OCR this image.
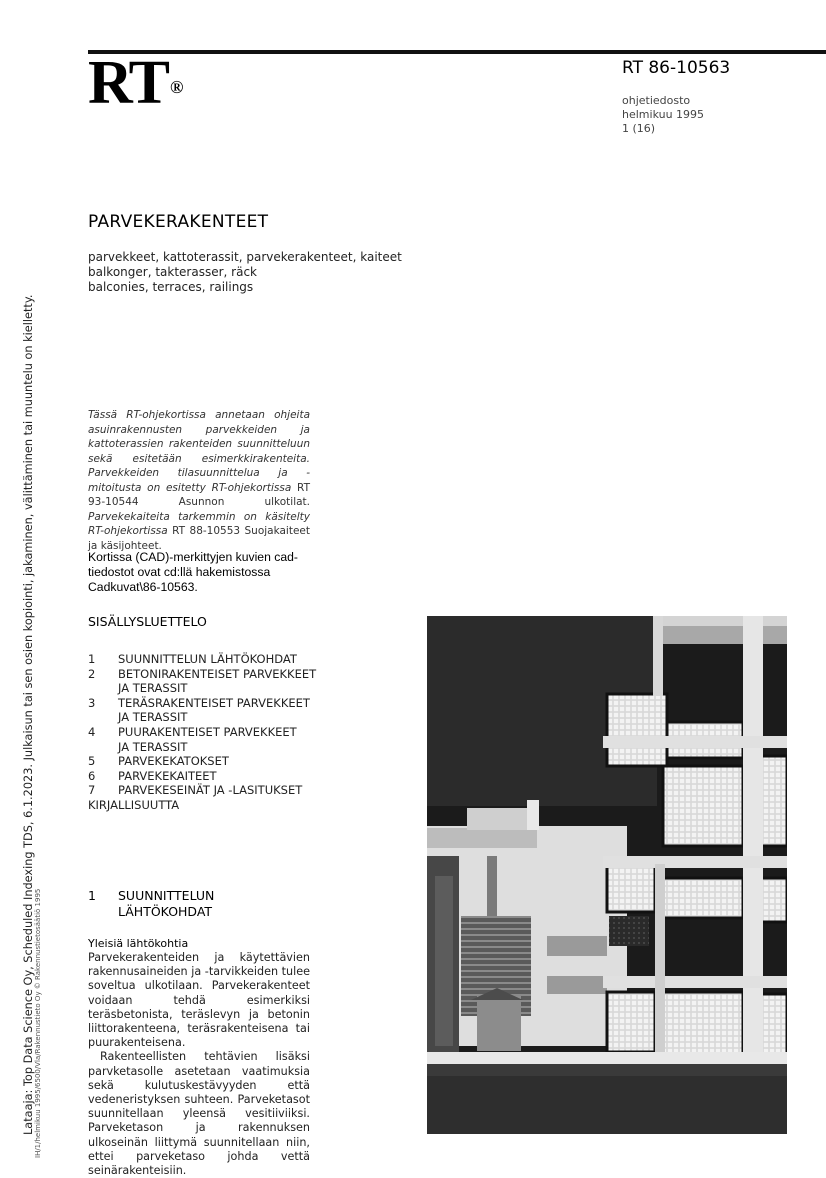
RT ®
RT 86-10563
ohjetiedosto
helmikuu 1995
1 (16)
Lataaja: Top Data Science Oy, Scheduled Indexing TDS, 6.1.2023. Julkaisun tai sen osien kopiointi, jakaminen, välittäminen tai muuntelu on kielletty. IH/1/helmikuu 1995/6500/Vla/Rakennustieto Oy © Rakennustietosäätiö 1995
PARVEKERAKENTEET
parvekkeet, kattoterassit, parvekerakenteet, kaiteet
balkonger, takterasser, räck
balconies, terraces, railings
Tässä RT-ohjekortissa annetaan ohjeita asuinrakennusten parvekkeiden ja kattoterassien rakenteiden suunnitteluun sekä esitetään esimerkkirakenteita. Parvekkeiden tilasuunnittelua ja -mitoitusta on esitetty RT-ohjekortissa RT 93-10544 Asunnon ulkotilat. Parvekekaiteita tarkemmin on käsitelty RT-ohjekortissa RT 88-10553 Suojakaiteet ja käsijohteet.
Kortissa (CAD)-merkittyjen kuvien cad-
tiedostot ovat cd:llä hakemistossa
Cadkuvat\86-10563.
SISÄLLYSLUETTELO
1	SUUNNITTELUN LÄHTÖKOHDAT
2	BETONIRAKENTEISET PARVEKKEET
JA TERASSIT
3	TERÄSRAKENTEISET PARVEKKEET
JA TERASSIT
4	PUURAKENTEISET PARVEKKEET
JA TERASSIT
5	PARVEKEKATOKSET
6	PARVEKEKAITEET
7	PARVEKESEINÄT JA -LASITUKSET
KIRJALLISUUTTA
1 SUUNNITTELUN
LÄHTÖKOHDAT
Yleisiä lähtökohtia

Parvekerakenteiden ja käytettävien rakennusaineiden ja -tarvikkeiden tulee soveltua ulkotilaan. Parvekerakenteet voidaan tehdä esimerkiksi teräsbetonista, teräslevyn ja betonin liittorakenteena, teräsrakenteisena tai puurakenteisena.

Rakenteellisten tehtävien lisäksi parvketasolle asetetaan vaatimuksia sekä kulutuskestävyyden että vedeneristyksen suhteen. Parveketasot suunnitellaan yleensä vesitiiviiksi. Parveketason ja rakennuksen ulkoseinän liittymä suunnitellaan niin, ettei parveketaso johda vettä seinärakenteisiin.
